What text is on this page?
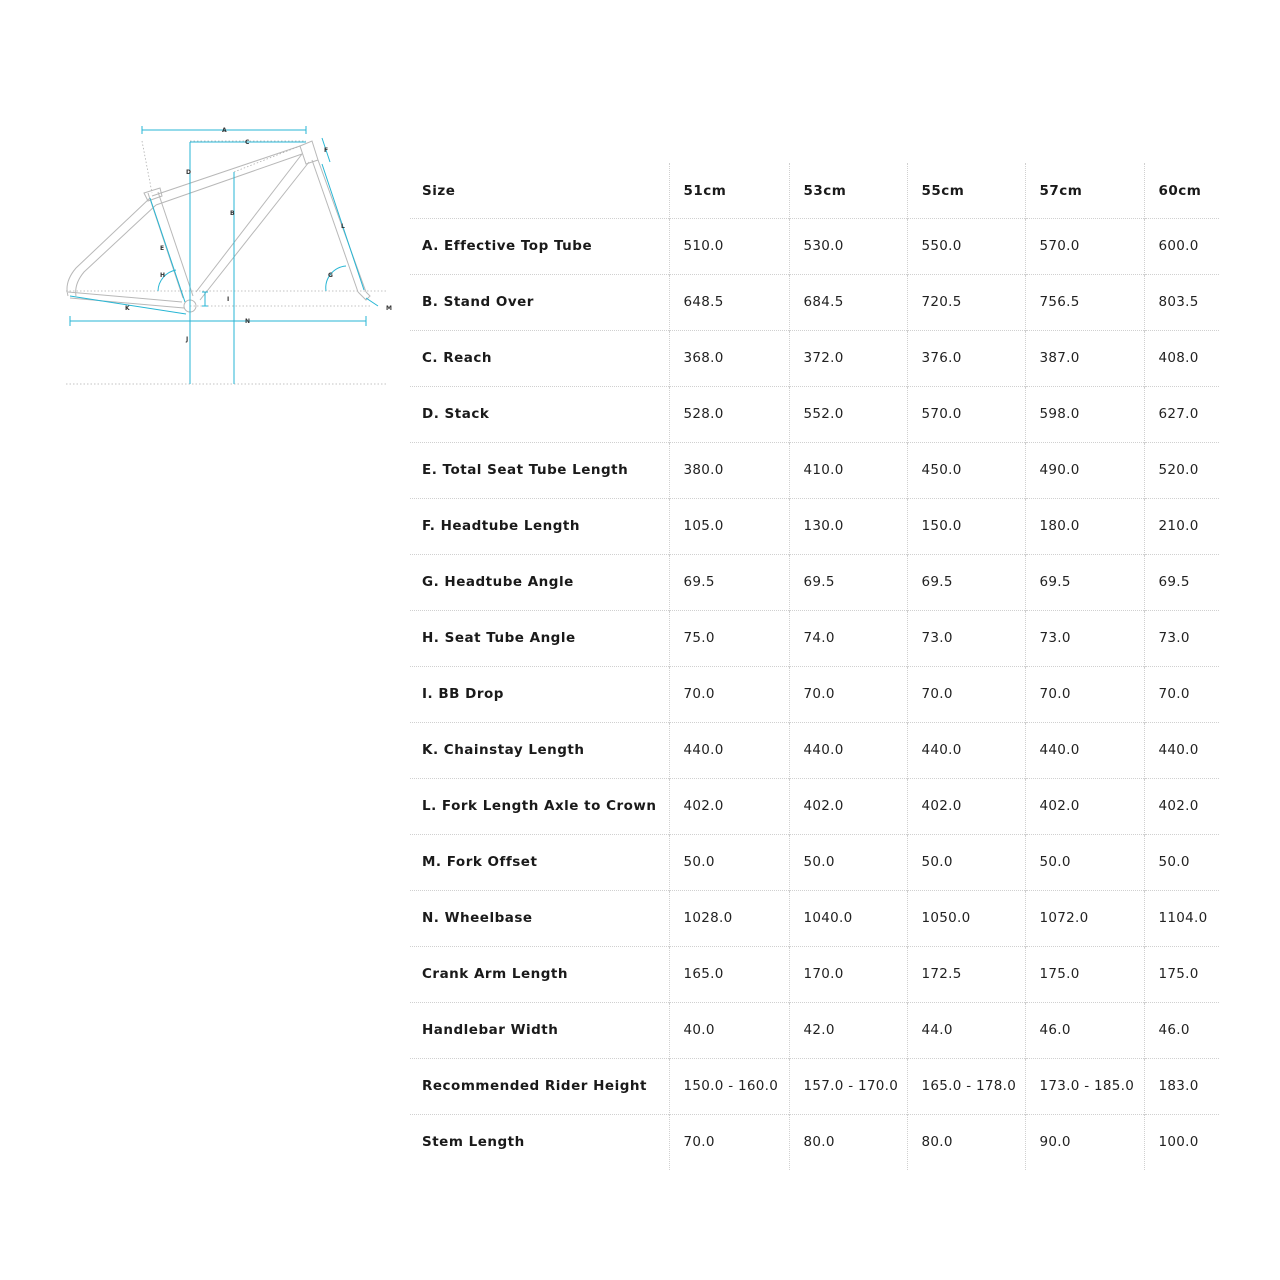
A
C
D
B
E
F
L
G
H
I
K
N
J
M
Size	51cm	53cm	55cm	57cm	60cm
A. Effective Top Tube	510.0	530.0	550.0	570.0	600.0
B. Stand Over	648.5	684.5	720.5	756.5	803.5
C. Reach	368.0	372.0	376.0	387.0	408.0
D. Stack	528.0	552.0	570.0	598.0	627.0
E. Total Seat Tube Length	380.0	410.0	450.0	490.0	520.0
F. Headtube Length	105.0	130.0	150.0	180.0	210.0
G. Headtube Angle	69.5	69.5	69.5	69.5	69.5
H. Seat Tube Angle	75.0	74.0	73.0	73.0	73.0
I. BB Drop	70.0	70.0	70.0	70.0	70.0
K. Chainstay Length	440.0	440.0	440.0	440.0	440.0
L. Fork Length Axle to Crown	402.0	402.0	402.0	402.0	402.0
M. Fork Offset	50.0	50.0	50.0	50.0	50.0
N. Wheelbase	1028.0	1040.0	1050.0	1072.0	1104.0
Crank Arm Length	165.0	170.0	172.5	175.0	175.0
Handlebar Width	40.0	42.0	44.0	46.0	46.0
Recommended Rider Height	150.0 - 160.0	157.0 - 170.0	165.0 - 178.0	173.0 - 185.0	183.0
Stem Length	70.0	80.0	80.0	90.0	100.0
